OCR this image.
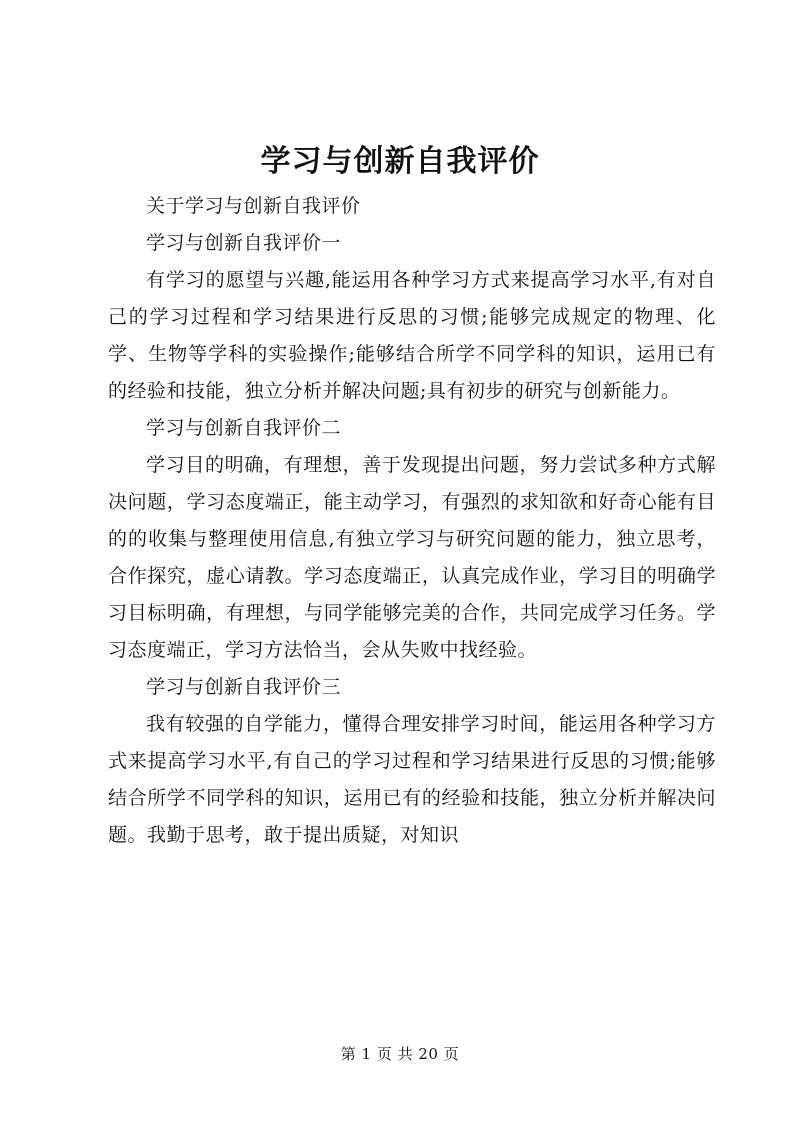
学习与创新自我评价

关于学习与创新自我评价

学习与创新自我评价一

有学习的愿望与兴趣,能运用各种学习方式来提高学习水平,有对自己的学习过程和学习结果进行反思的习惯;能够完成规定的物理、化学、生物等学科的实验操作;能够结合所学不同学科的知识，运用已有的经验和技能，独立分析并解决问题;具有初步的研究与创新能力。

学习与创新自我评价二

学习目的明确，有理想，善于发现提出问题，努力尝试多种方式解决问题，学习态度端正，能主动学习，有强烈的求知欲和好奇心能有目的的收集与整理使用信息,有独立学习与研究问题的能力，独立思考，合作探究，虚心请教。学习态度端正，认真完成作业，学习目的明确学习目标明确，有理想，与同学能够完美的合作，共同完成学习任务。学习态度端正，学习方法恰当，会从失败中找经验。

学习与创新自我评价三

我有较强的自学能力，懂得合理安排学习时间，能运用各种学习方式来提高学习水平,有自己的学习过程和学习结果进行反思的习惯;能够结合所学不同学科的知识，运用已有的经验和技能，独立分析并解决问题。我勤于思考，敢于提出质疑，对知识

第 1 页 共 20 页
